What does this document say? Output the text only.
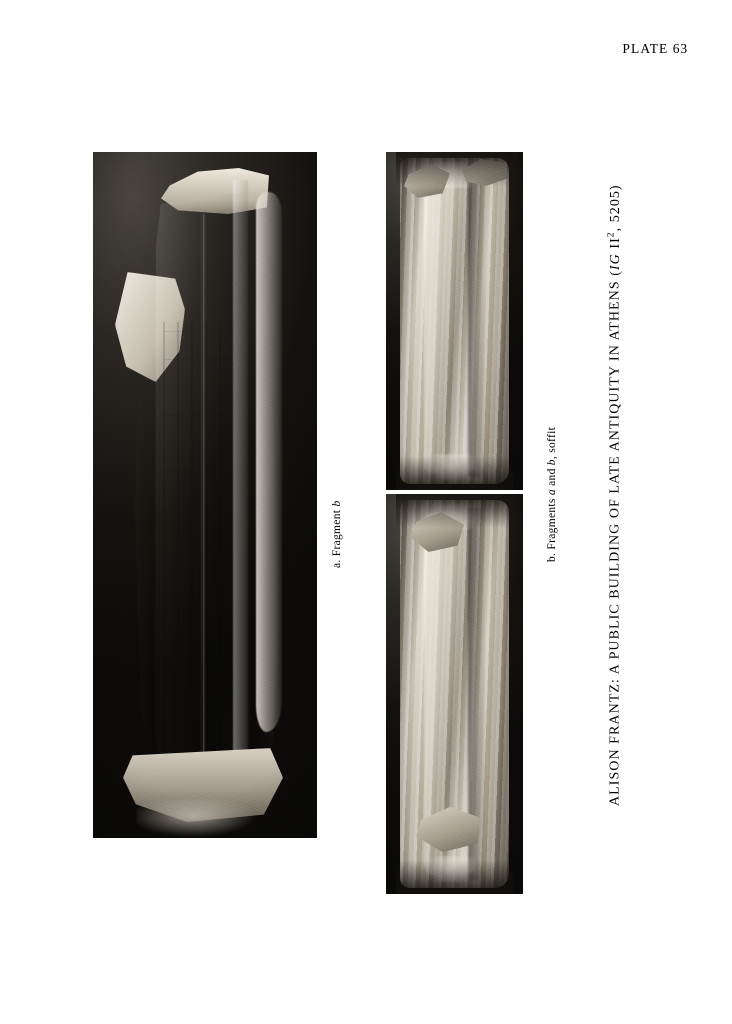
PLATE 63
a. Fragment b
b. Fragments a and b, soffit
ALISON FRANTZ: A PUBLIC BUILDING OF LATE ANTIQUITY IN ATHENS (IG $II^2$, 5205)
